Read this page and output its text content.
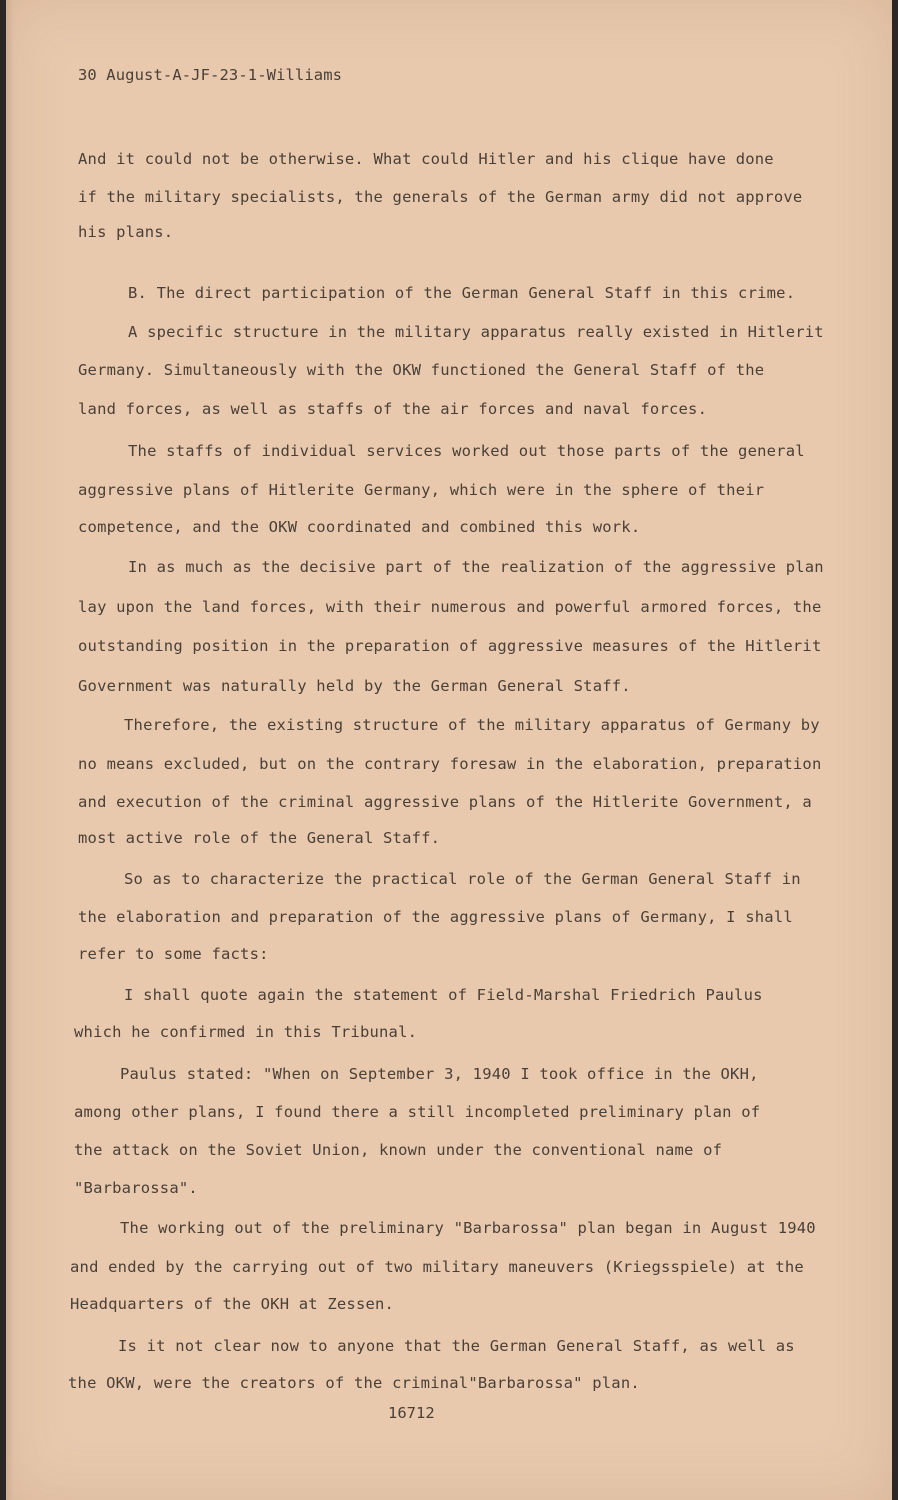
30 August-A-JF-23-1-Williams
And it could not be otherwise. What could Hitler and his clique have done
if the military specialists, the generals of the German army did not approve
his plans.
B. The direct participation of the German General Staff in this crime.
A specific structure in the military apparatus really existed in Hitlerit
Germany. Simultaneously with the OKW functioned the General Staff of the
land forces, as well as staffs of the air forces and naval forces.
The staffs of individual services worked out those parts of the general
aggressive plans of Hitlerite Germany, which were in the sphere of their
competence, and the OKW coordinated and combined this work.
In as much as the decisive part of the realization of the aggressive plan
lay upon the land forces, with their numerous and powerful armored forces, the
outstanding position in the preparation of aggressive measures of the Hitlerit
Government was naturally held by the German General Staff.
Therefore, the existing structure of the military apparatus of Germany by
no means excluded, but on the contrary foresaw in the elaboration, preparation
and execution of the criminal aggressive plans of the Hitlerite Government, a
most active role of the General Staff.
So as to characterize the practical role of the German General Staff in
the elaboration and preparation of the aggressive plans of Germany, I shall
refer to some facts:
I shall quote again the statement of Field-Marshal Friedrich Paulus
which he confirmed in this Tribunal.
Paulus stated: "When on September 3, 1940 I took office in the OKH,
among other plans, I found there a still incompleted preliminary plan of
the attack on the Soviet Union, known under the conventional name of
"Barbarossa".
The working out of the preliminary "Barbarossa" plan began in August 1940
and ended by the carrying out of two military maneuvers (Kriegsspiele) at the
Headquarters of the OKH at Zessen.
Is it not clear now to anyone that the German General Staff, as well as
the OKW, were the creators of the criminal"Barbarossa" plan.
16712
